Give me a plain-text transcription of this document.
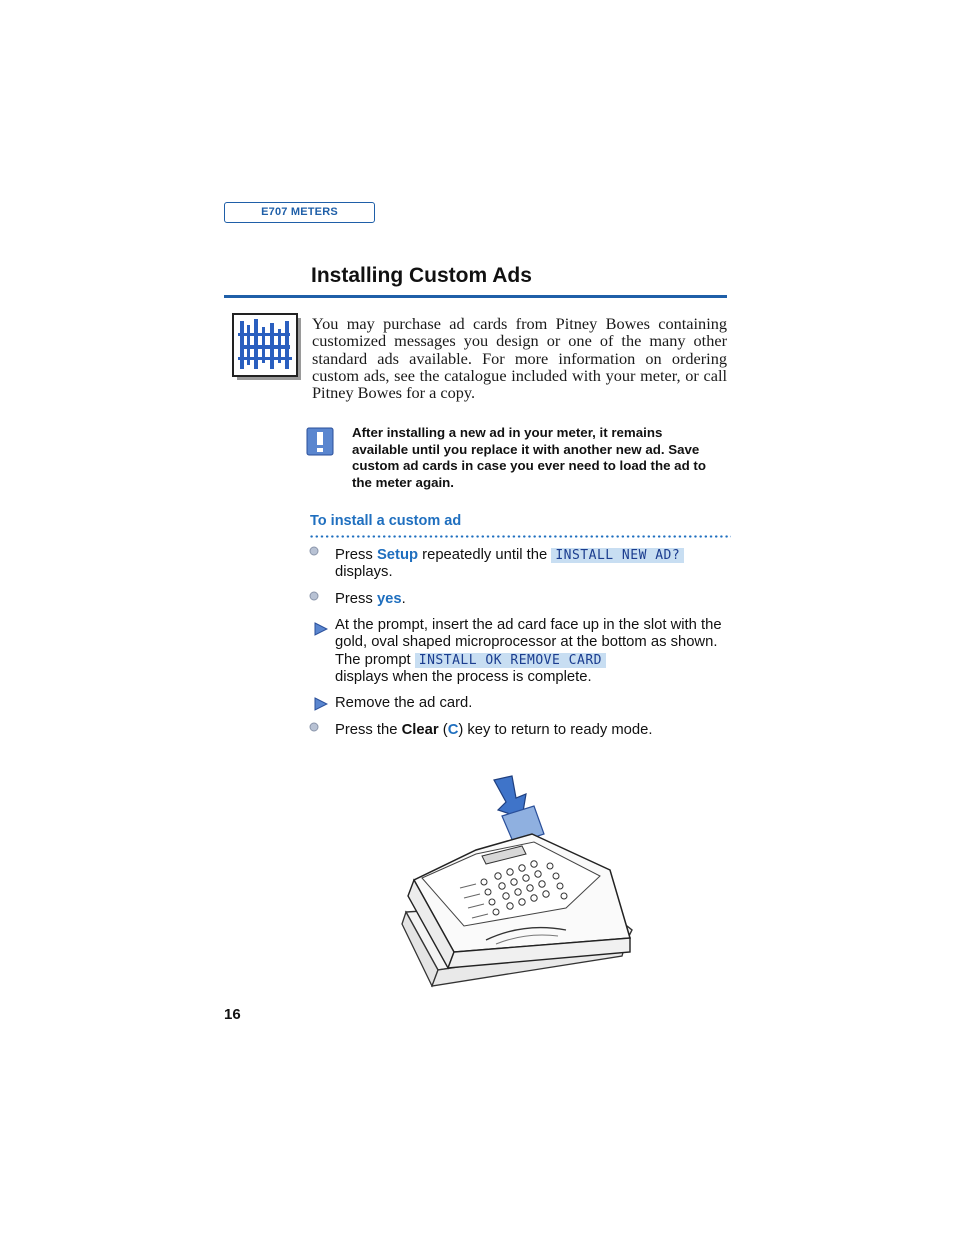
E707 METERS
Installing Custom Ads
You may purchase ad cards from Pitney Bowes containing customized messages you design or one of the many other standard ads available. For more information on ordering custom ads, see the catalogue included with your meter, or call Pitney Bowes for a copy.
After installing a new ad in your meter, it remains available until you replace it with another new ad. Save custom ad cards in case you ever need to load the ad to the meter again.
To install a custom ad
Press Setup repeatedly until the INSTALL NEW AD?
displays.
Press yes.
At the prompt, insert the ad card face up in the slot with the gold, oval shaped microprocessor at the bottom as shown. The prompt INSTALL OK REMOVE CARD
displays when the process is complete.
Remove the ad card.
Press the Clear (C) key to return to ready mode.
16
